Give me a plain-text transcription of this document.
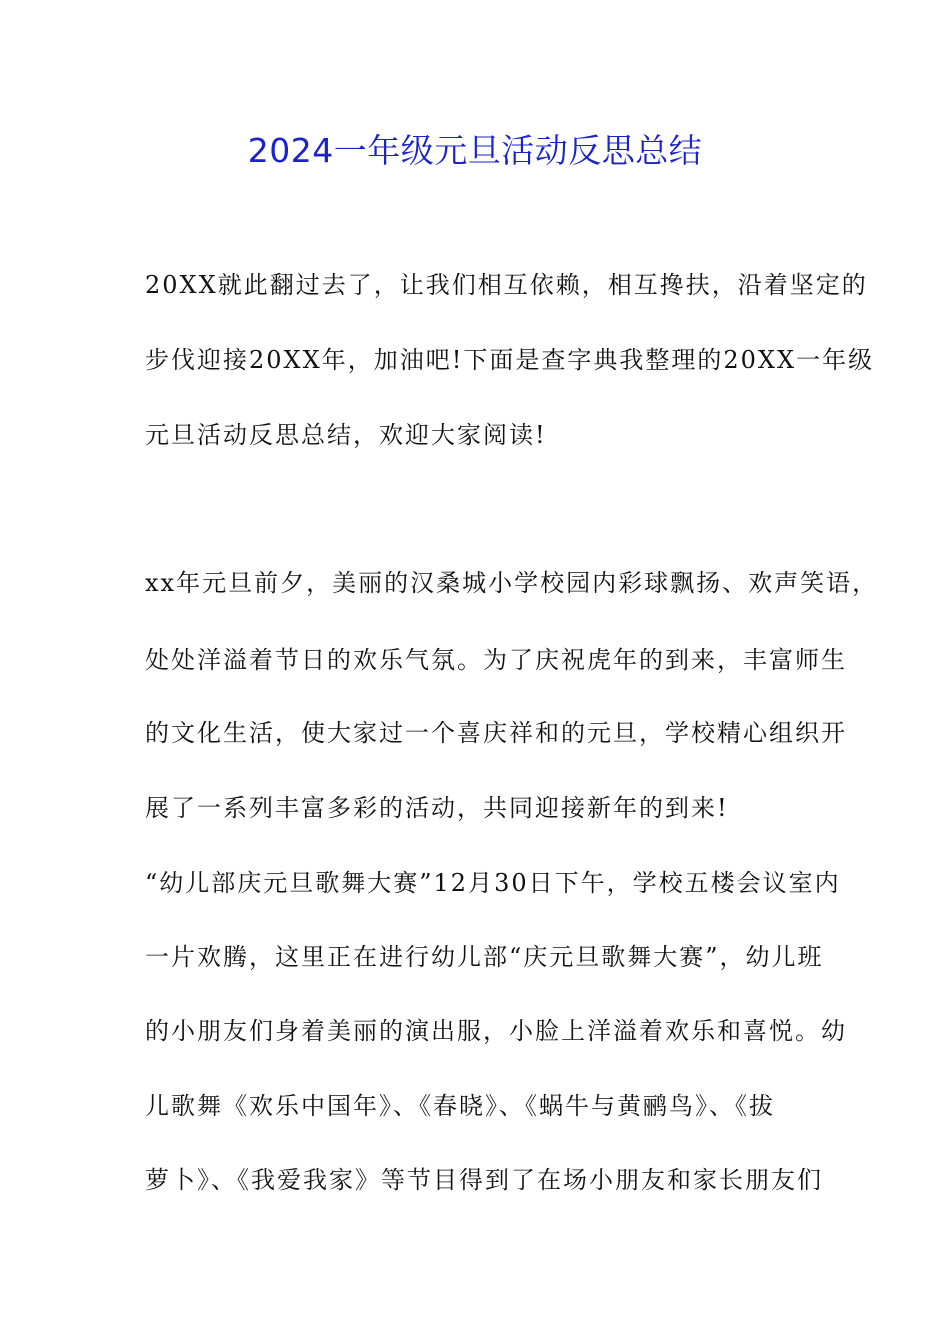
2024一年级元旦活动反思总结
20XX就此翻过去了，让我们相互依赖，相互搀扶，沿着坚定的
步伐迎接20XX年，加油吧!下面是查字典我整理的20XX一年级
元旦活动反思总结，欢迎大家阅读!
xx年元旦前夕，美丽的汉桑城小学校园内彩球飘扬、欢声笑语，
处处洋溢着节日的欢乐气氛。为了庆祝虎年的到来，丰富师生
的文化生活，使大家过一个喜庆祥和的元旦，学校精心组织开
展了一系列丰富多彩的活动，共同迎接新年的到来!
“幼儿部庆元旦歌舞大赛”12月30日下午，学校五楼会议室内
一片欢腾，这里正在进行幼儿部“庆元旦歌舞大赛”，幼儿班
的小朋友们身着美丽的演出服，小脸上洋溢着欢乐和喜悦。幼
儿歌舞《欢乐中国年》、《春晓》、《蜗牛与黄鹂鸟》、《拔
萝卜》、《我爱我家》等节目得到了在场小朋友和家长朋友们
